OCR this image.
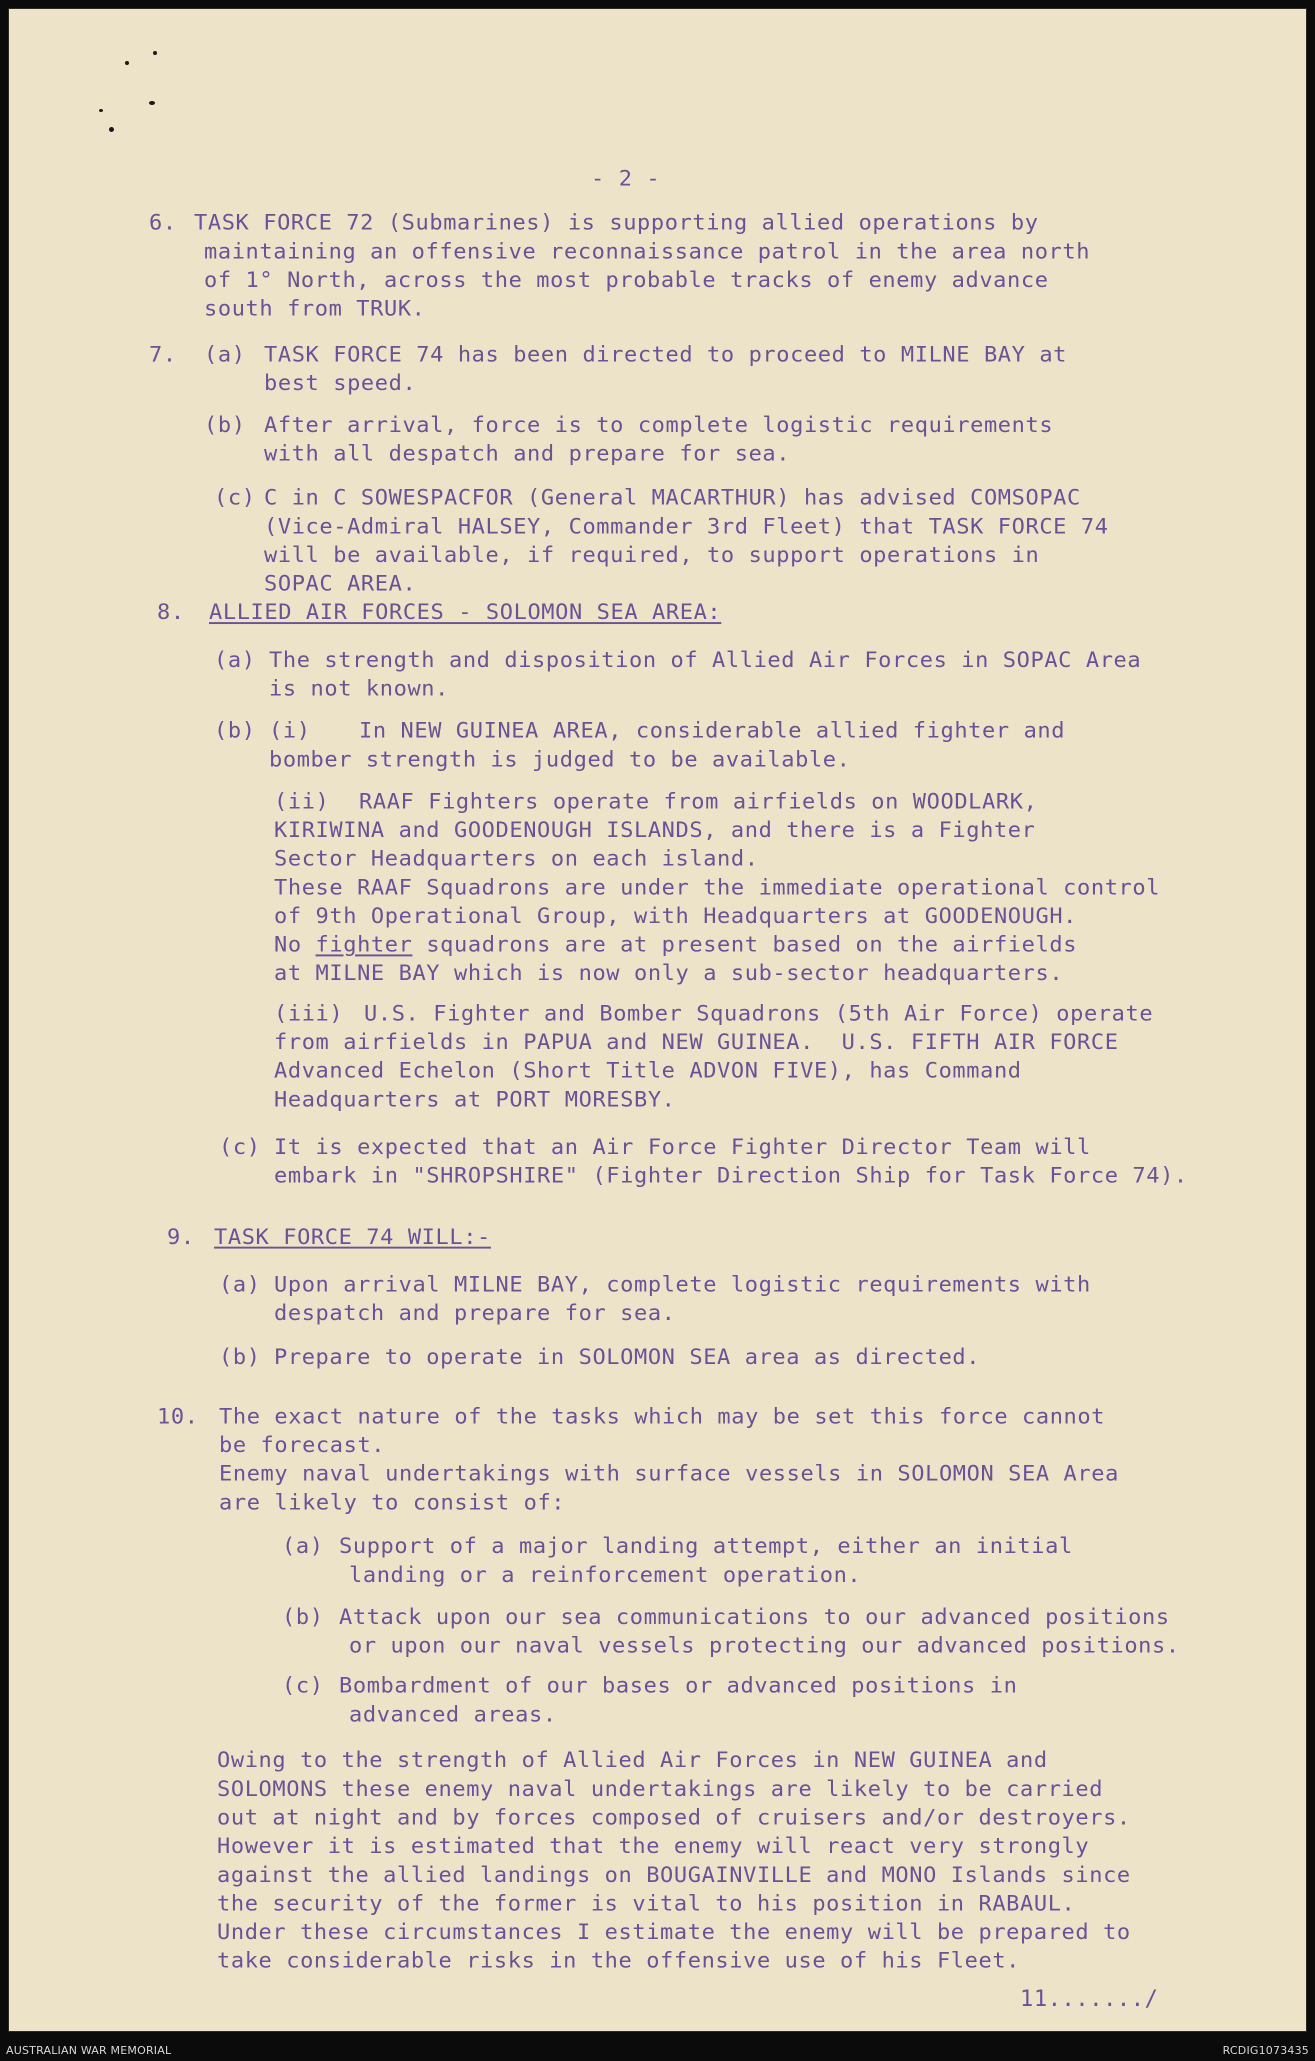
- 2 -
6. TASK FORCE 72 (Submarines) is supporting allied operations by
maintaining an offensive reconnaissance patrol in the area north
of 1° North, across the most probable tracks of enemy advance
south from TRUK.
7. (a) TASK FORCE 74 has been directed to proceed to MILNE BAY at
best speed.
(b) After arrival, force is to complete logistic requirements
with all despatch and prepare for sea.
(c) C in C SOWESPACFOR (General MACARTHUR) has advised COMSOPAC
(Vice-Admiral HALSEY, Commander 3rd Fleet) that TASK FORCE 74
will be available, if required, to support operations in
SOPAC AREA.
8. ALLIED AIR FORCES - SOLOMON SEA AREA:
(a) The strength and disposition of Allied Air Forces in SOPAC Area
is not known.
(b) (i) In NEW GUINEA AREA, considerable allied fighter and
bomber strength is judged to be available.
(ii) RAAF Fighters operate from airfields on WOODLARK,
KIRIWINA and GOODENOUGH ISLANDS, and there is a Fighter
Sector Headquarters on each island.
These RAAF Squadrons are under the immediate operational control
of 9th Operational Group, with Headquarters at GOODENOUGH.
No fighter squadrons are at present based on the airfields
at MILNE BAY which is now only a sub-sector headquarters.
(iii) U.S. Fighter and Bomber Squadrons (5th Air Force) operate
from airfields in PAPUA and NEW GUINEA.  U.S. FIFTH AIR FORCE
Advanced Echelon (Short Title ADVON FIVE), has Command
Headquarters at PORT MORESBY.
(c) It is expected that an Air Force Fighter Director Team will
embark in "SHROPSHIRE" (Fighter Direction Ship for Task Force 74).
9. TASK FORCE 74 WILL:-
(a) Upon arrival MILNE BAY, complete logistic requirements with
despatch and prepare for sea.
(b) Prepare to operate in SOLOMON SEA area as directed.
10. The exact nature of the tasks which may be set this force cannot
be forecast.
Enemy naval undertakings with surface vessels in SOLOMON SEA Area
are likely to consist of:
(a) Support of a major landing attempt, either an initial
landing or a reinforcement operation.
(b) Attack upon our sea communications to our advanced positions
or upon our naval vessels protecting our advanced positions.
(c) Bombardment of our bases or advanced positions in
advanced areas.
Owing to the strength of Allied Air Forces in NEW GUINEA and
SOLOMONS these enemy naval undertakings are likely to be carried
out at night and by forces composed of cruisers and/or destroyers.
However it is estimated that the enemy will react very strongly
against the allied landings on BOUGAINVILLE and MONO Islands since
the security of the former is vital to his position in RABAUL.
Under these circumstances I estimate the enemy will be prepared to
take considerable risks in the offensive use of his Fleet.
AUSTRALIAN WAR MEMORIAL	RCDIG1073435
11......./
